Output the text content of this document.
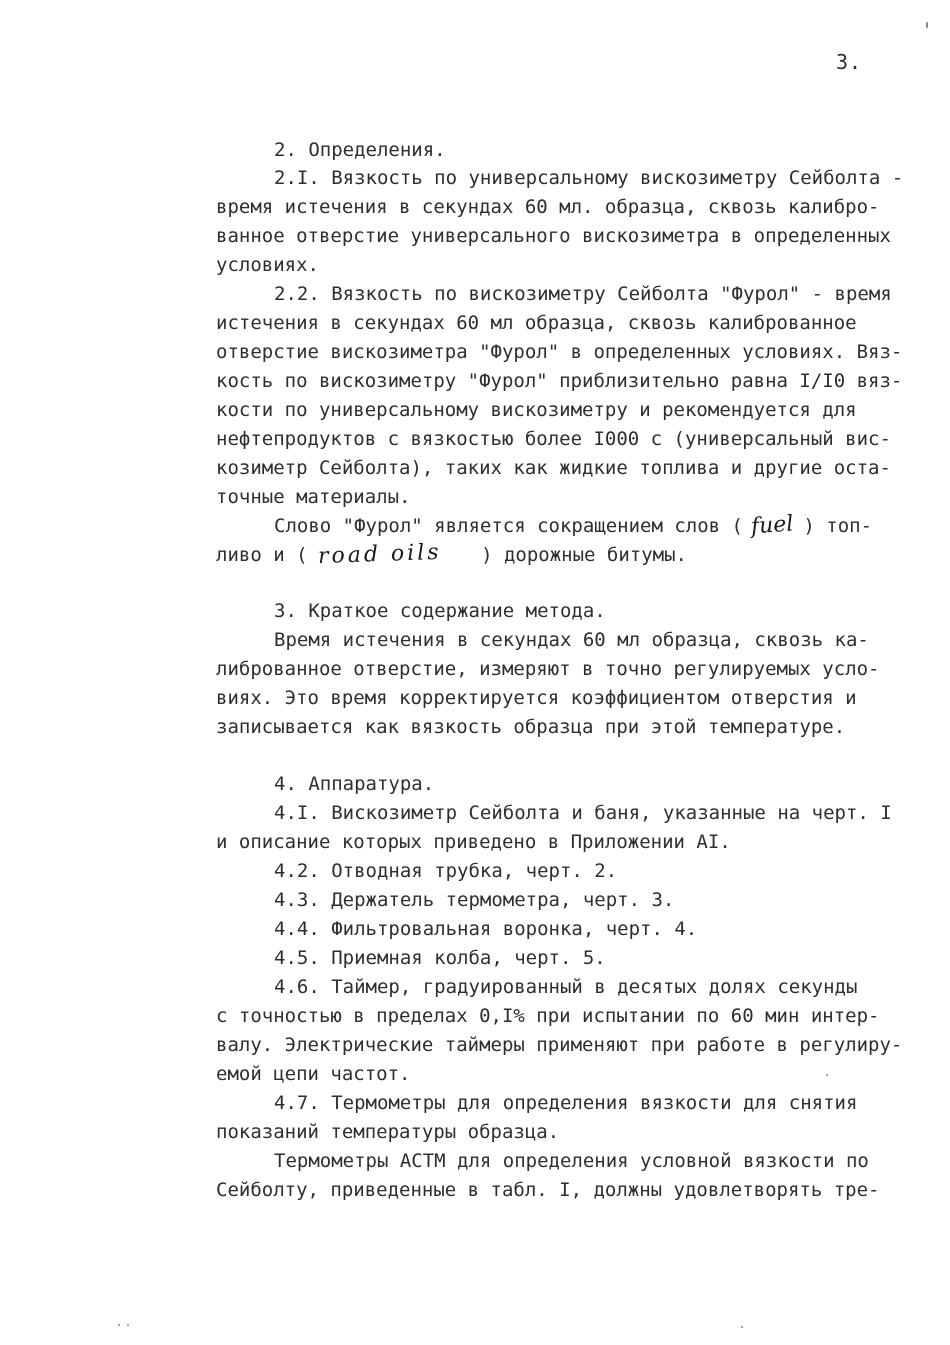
3.
2. Определения.
2.I. Вязкость по универсальному вискозиметру Сейболта -
время истечения в секундах 60 мл. образца, сквозь калибро-
ванное отверстие универсального вискозиметра в определенных
условиях.
2.2. Вязкость по вискозиметру Сейболта "Фурол" - время
истечения в секундах 60 мл образца, сквозь калиброванное
отверстие вискозиметра "Фурол" в определенных условиях. Вяз-
кость по вискозиметру "Фурол" приблизительно равна I/I0 вяз-
кости по универсальному вискозиметру и рекомендуется для
нефтепродуктов с вязкостью более I000 с (универсальный вис-
козиметр Сейболта), таких как жидкие топлива и другие оста-
точные материалы.
Слово "Фурол" является сокращением слов ( fuel ) топ-
ливо и ( road oils ) дорожные битумы.
3. Краткое содержание метода.
Время истечения в секундах 60 мл образца, сквозь ка-
либрованное отверстие, измеряют в точно регулируемых усло-
виях. Это время корректируется коэффициентом отверстия и
записывается как вязкость образца при этой температуре.
4. Аппаратура.
4.I. Вискозиметр Сейболта и баня, указанные на черт. I
и описание которых приведено в Приложении АI.
4.2. Отводная трубка, черт. 2.
4.3. Держатель термометра, черт. 3.
4.4. Фильтровальная воронка, черт. 4.
4.5. Приемная колба, черт. 5.
4.6. Таймер, градуированный в десятых долях секунды
с точностью в пределах 0,I% при испытании по 60 мин интер-
валу. Электрические таймеры применяют при работе в регулиру-
емой цепи частот.
4.7. Термометры для определения вязкости для снятия
показаний температуры образца.
Термометры АСТМ для определения условной вязкости по
Сейболту, приведенные в табл. I, должны удовлетворять тре-
